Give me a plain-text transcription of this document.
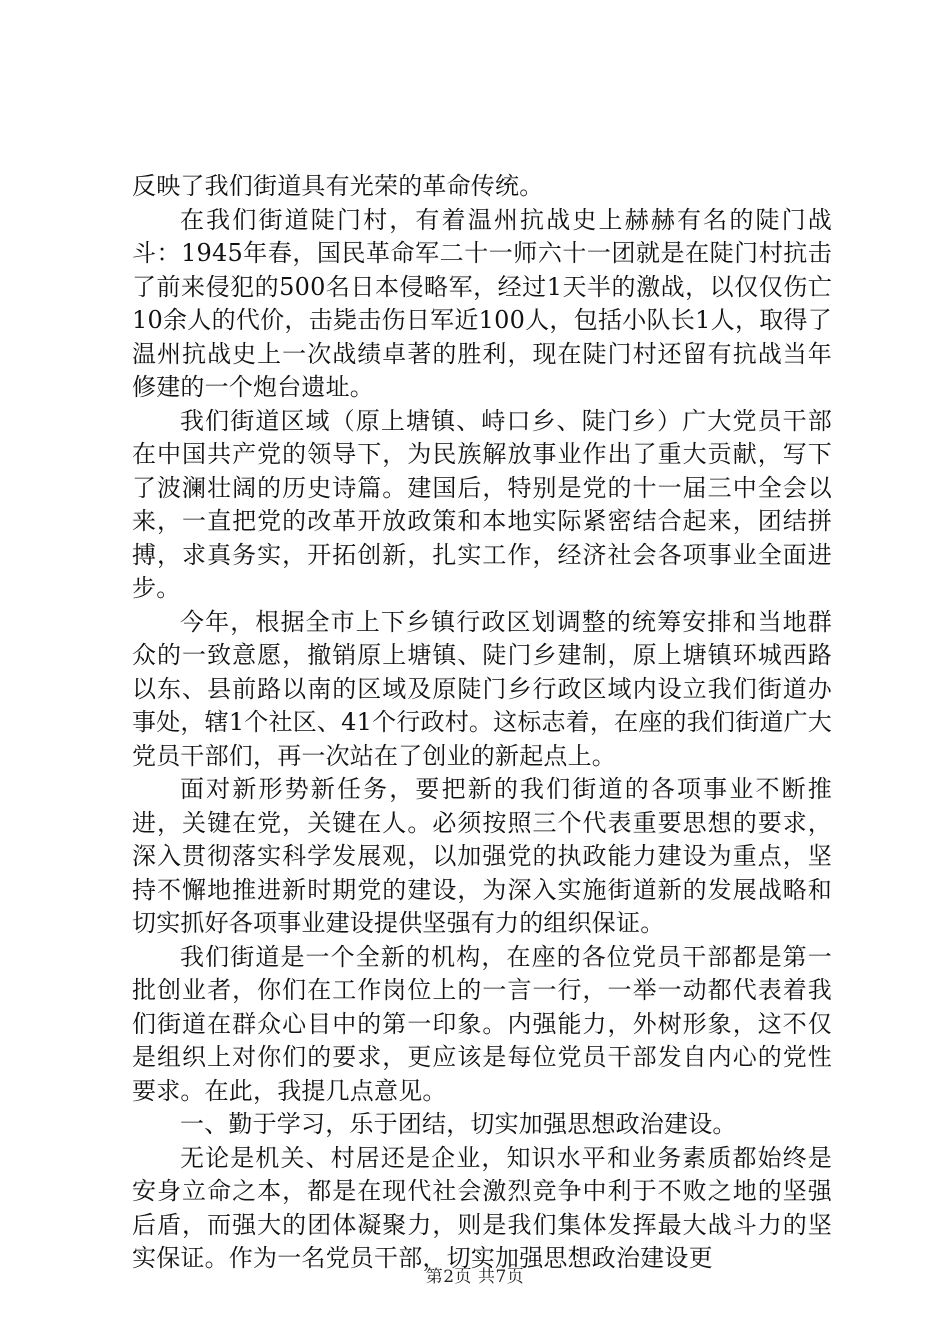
反映了我们街道具有光荣的革命传统。

在我们街道陡门村，有着温州抗战史上赫赫有名的陡门战斗：1945年春，国民革命军二十一师六十一团就是在陡门村抗击了前来侵犯的500名日本侵略军，经过1天半的激战，以仅仅伤亡10余人的代价，击毙击伤日军近100人，包括小队长1人，取得了温州抗战史上一次战绩卓著的胜利，现在陡门村还留有抗战当年修建的一个炮台遗址。

我们街道区域（原上塘镇、峙口乡、陡门乡）广大党员干部在中国共产党的领导下，为民族解放事业作出了重大贡献，写下了波澜壮阔的历史诗篇。建国后，特别是党的十一届三中全会以来，一直把党的改革开放政策和本地实际紧密结合起来，团结拼搏，求真务实，开拓创新，扎实工作，经济社会各项事业全面进步。

今年，根据全市上下乡镇行政区划调整的统筹安排和当地群众的一致意愿，撤销原上塘镇、陡门乡建制，原上塘镇环城西路以东、县前路以南的区域及原陡门乡行政区域内设立我们街道办事处，辖1个社区、41个行政村。这标志着，在座的我们街道广大党员干部们，再一次站在了创业的新起点上。

面对新形势新任务，要把新的我们街道的各项事业不断推进，关键在党，关键在人。必须按照三个代表重要思想的要求，深入贯彻落实科学发展观，以加强党的执政能力建设为重点，坚持不懈地推进新时期党的建设，为深入实施街道新的发展战略和切实抓好各项事业建设提供坚强有力的组织保证。

我们街道是一个全新的机构，在座的各位党员干部都是第一批创业者，你们在工作岗位上的一言一行，一举一动都代表着我们街道在群众心目中的第一印象。内强能力，外树形象，这不仅是组织上对你们的要求，更应该是每位党员干部发自内心的党性要求。在此，我提几点意见。

一、勤于学习，乐于团结，切实加强思想政治建设。

无论是机关、村居还是企业，知识水平和业务素质都始终是安身立命之本，都是在现代社会激烈竞争中利于不败之地的坚强后盾，而强大的团体凝聚力，则是我们集体发挥最大战斗力的坚实保证。作为一名党员干部，切实加强思想政治建设更

第2页 共7页
